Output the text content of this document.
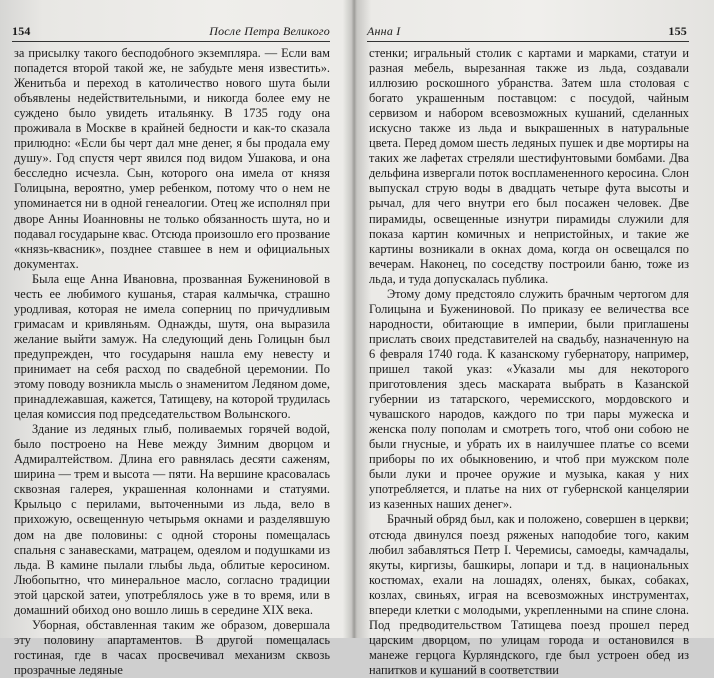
154	После Петра Великого

за присылку такого бесподобного экземпляра. — Если вам попадется второй такой же, не забудьте меня известить». Женитьба и переход в католичество нового шута были объявлены недействительными, и никогда более ему не суждено было увидеть итальянку. В 1735 году она проживала в Москве в крайней бедности и как-то сказала прилюдно: «Если бы черт дал мне денег, я бы продала ему душу». Год спустя черт явился под видом Ушакова, и она бесследно исчезла. Сын, которого она имела от князя Голицына, вероятно, умер ребенком, потому что о нем не упоминается ни в одной генеалогии. Отец же исполнял при дворе Анны Иоанновны не только обязанность шута, но и подавал государыне квас. Отсюда произошло его прозвание «князь-квасник», позднее ставшее в нем и официальных документах.

Была еще Анна Ивановна, прозванная Бужениновой в честь ее любимого кушанья, старая калмычка, страшно уродливая, которая не имела соперниц по причудливым гримасам и кривляньям. Однажды, шутя, она выразила желание выйти замуж. На следующий день Голицын был предупрежден, что государыня нашла ему невесту и принимает на себя расход по свадебной церемонии. По этому поводу возникла мысль о знаменитом Ледяном доме, принадлежавшая, кажется, Татищеву, на которой трудилась целая комиссия под председательством Волынского.

Здание из ледяных глыб, поливаемых горячей водой, было построено на Неве между Зимним дворцом и Адмиралтейством. Длина его равнялась десяти саженям, ширина — трем и высота — пяти. На вершине красовалась сквозная галерея, украшенная колоннами и статуями. Крыльцо с перилами, выточенными из льда, вело в прихожую, освещенную четырьмя окнами и разделявшую дом на две половины: с одной стороны помещалась спальня с занавесками, матрацем, одеялом и подушками из льда. В камине пылали глыбы льда, облитые керосином. Любопытно, что минеральное масло, согласно традиции этой царской затеи, употреблялось уже в то время, или в домашний обиход оно вошло лишь в середине XIX века.

Уборная, обставленная таким же образом, довершала эту половину апартаментов. В другой помещалась гостиная, где в часах просвечивал механизм сквозь прозрачные ледяные

Анна I	155

стенки; игральный столик с картами и марками, статуи и разная мебель, вырезанная также из льда, создавали иллюзию роскошного убранства. Затем шла столовая с богато украшенным поставцом: с посудой, чайным сервизом и набором всевозможных кушаний, сделанных искусно также из льда и выкрашенных в натуральные цвета. Перед домом шесть ледяных пушек и две мортиры на таких же лафетах стреляли шестифунтовыми бомбами. Два дельфина извергали поток воспламененного керосина. Слон выпускал струю воды в двадцать четыре фута высоты и рычал, для чего внутри его был посажен человек. Две пирамиды, освещенные изнутри пирамиды служили для показа картин комичных и непристойных, и такие же картины возникали в окнах дома, когда он освещался по вечерам. Наконец, по соседству построили баню, тоже из льда, и туда допускалась публика.

Этому дому предстояло служить брачным чертогом для Голицына и Бужениновой. По приказу ее величества все народности, обитающие в империи, были приглашены прислать своих представителей на свадьбу, назначенную на 6 февраля 1740 года. К казанскому губернатору, например, пришел такой указ: «Указали мы для некоторого приготовления здесь маскарата выбрать в Казанской губернии из татарского, черемисского, мордовского и чувашского народов, каждого по три пары мужеска и женска полу пополам и смотреть того, чтоб они собою не были гнусные, и убрать их в наилучшее платье со всеми приборы по их обыкновению, и чтоб при мужском поле были луки и прочее оружие и музыка, какая у них употребляется, и платье на них от губернской канцелярии из казенных наших денег».

Брачный обряд был, как и положено, совершен в церкви; отсюда двинулся поезд ряженых наподобие того, каким любил забавляться Петр I. Черемисы, самоеды, камчадалы, якуты, киргизы, башкиры, лопари и т.д. в национальных костюмах, ехали на лошадях, оленях, быках, собаках, козлах, свиньях, играя на всевозможных инструментах, впереди клетки с молодыми, укрепленными на спине слона. Под предводительством Татищева поезд прошел перед царским дворцом, по улицам города и остановился в манеже герцога Курляндского, где был устроен обед из напитков и кушаний в соответствии
